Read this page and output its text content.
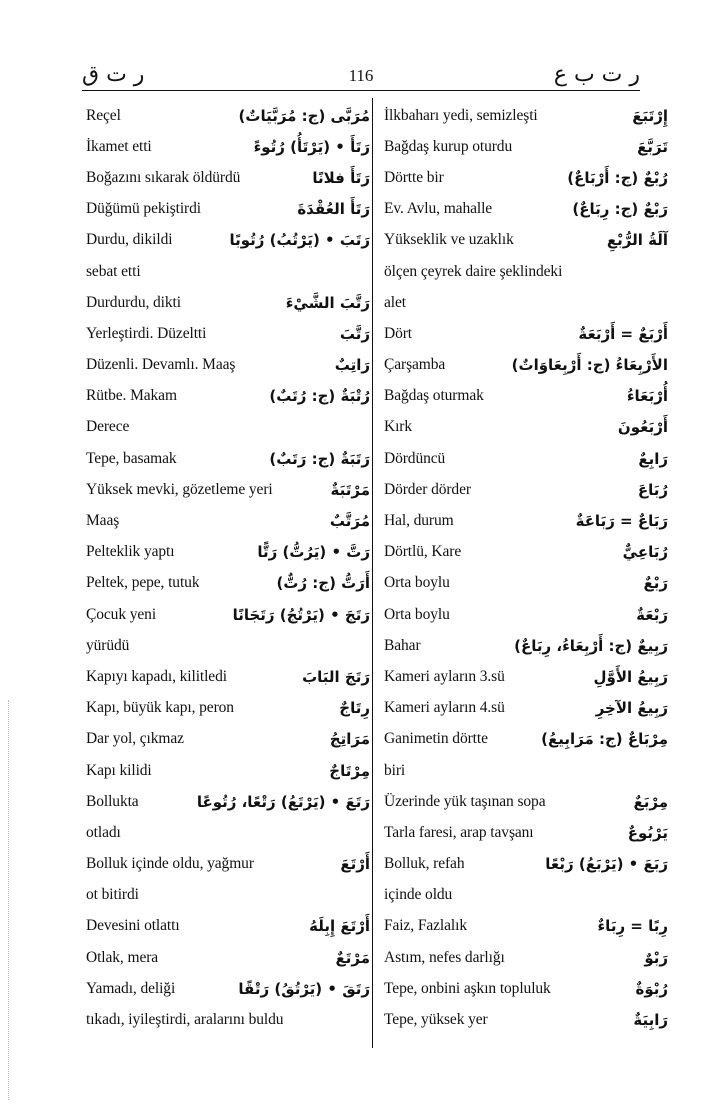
ر ت ق	116	ر ت ب ع
Reçel	مُرَبَّى (ج: مُرَبَّيَاتٌ)
İkamet etti	رَتَأَ • (يَرْتَأُ) رُتُوءً
Boğazını sıkarak öldürdü	رَتَأَ فلانًا
Düğümü pekiştirdi	رَتَأَ العُقْدَةَ
Durdu, dikildi	رَتَبَ • (يَرْتُبُ) رُتُوبًا
sebat etti
Durdurdu, dikti	رَتَّبَ الشَّيْءَ
Yerleştirdi. Düzeltti	رَتَّبَ
Düzenli. Devamlı. Maaş	رَاتِبٌ
Rütbe. Makam	رُتْبَةٌ (ج: رُتَبٌ)
Derece
Tepe, basamak	رَتَبَةٌ (ج: رَتَبٌ)
Yüksek mevki, gözetleme yeri	مَرْتَبَةٌ
Maaş	مُرَتَّبٌ
Pelteklik yaptı	رَتَّ • (يَرُتُّ) رَتًّا
Peltek, pepe, tutuk	أَرَتُّ (ج: رُتٌّ)
Çocuk yeni	رَتَجَ • (يَرْتُجُ) رَتَجَانًا
yürüdü
Kapıyı kapadı, kilitledi	رَتَجَ البَابَ
Kapı, büyük kapı, peron	رِتَاجٌ
Dar yol, çıkmaz	مَرَاتِجُ
Kapı kilidi	مِرْتَاجٌ
Bollukta	رَتَعَ • (يَرْتَعُ) رَتْعًا، رُتُوعًا
otladı
Bolluk içinde oldu, yağmur	أَرْتَعَ
ot bitirdi
Devesini otlattı	أَرْتَعَ إِبِلَهُ
Otlak, mera	مَرْتَعٌ
Yamadı, deliği	رَتَقَ • (يَرْتُقُ) رَتْقًا
tıkadı, iyileştirdi, aralarını buldu
İlkbaharı yedi, semizleşti	إِرْتَبَعَ
Bağdaş kurup oturdu	تَرَبَّعَ
Dörtte bir	رُبْعٌ (ج: أَرْبَاعٌ)
Ev. Avlu, mahalle	رَبْعٌ (ج: رِبَاعٌ)
Yükseklik ve uzaklık	آلَةُ الرُّبْعِ
ölçen çeyrek daire şeklindeki
alet
Dört	أَرْبَعٌ = أَرْبَعَةٌ
Çarşamba	الأَرْبِعَاءُ (ج: أَرْبِعَاوَاتٌ)
Bağdaş oturmak	أُرْبَعَاءُ
Kırk	أَرْبَعُونَ
Dördüncü	رَابِعٌ
Dörder dörder	رُبَاعَ
Hal, durum	رَبَاعٌ = رَبَاعَةٌ
Dörtlü, Kare	رُبَاعِيٌّ
Orta boylu	رَبْعٌ
Orta boylu	رَبْعَةٌ
Bahar	رَبِيعٌ (ج: أَرْبِعَاءُ، رِبَاعٌ)
Kameri ayların 3.sü	رَبِيعُ الأَوَّلِ
Kameri ayların 4.sü	رَبِيعُ الآخِرِ
Ganimetin dörtte	مِرْبَاعٌ (ج: مَرَابِيعُ)
biri
Üzerinde yük taşınan sopa	مِرْبَعٌ
Tarla faresi, arap tavşanı	يَرْبُوعٌ
Bolluk, refah	رَبَعَ • (يَرْبَعُ) رَبْعًا
içinde oldu
Faiz, Fazlalık	رِبًا = رِبَاءٌ
Astım, nefes darlığı	رَبْوٌ
Tepe, onbini aşkın topluluk	رُبْوَةٌ
Tepe, yüksek yer	رَابِيَةٌ
